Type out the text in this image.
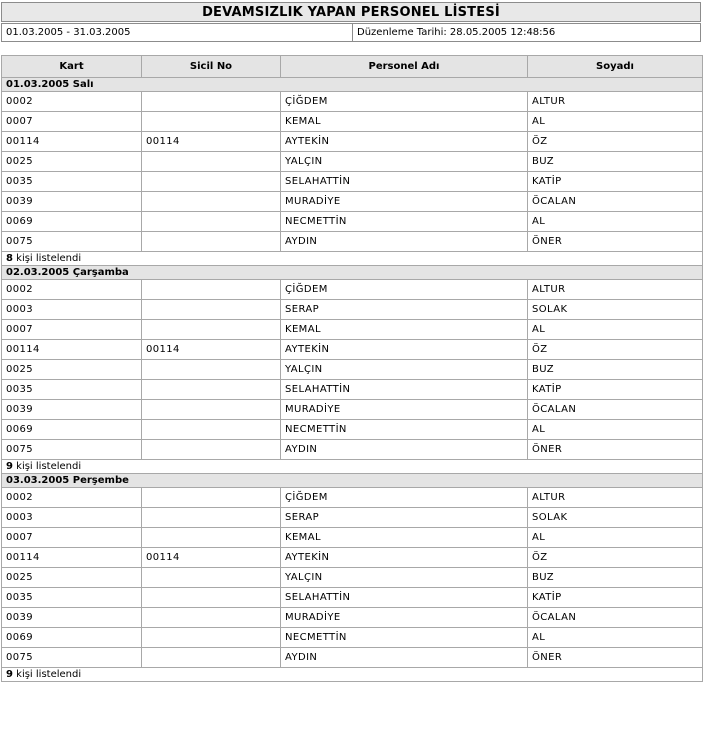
DEVAMSIZLIK YAPAN PERSONEL LİSTESİ
01.03.2005 - 31.03.2005	Düzenleme Tarihi: 28.05.2005 12:48:56
Kart	Sicil No	Personel Adı	Soyadı
01.03.2005 Salı			
0002		ÇİĞDEM	ALTUR
0007		KEMAL	AL
00114	00114	AYTEKİN	ÖZ
0025		YALÇIN	BUZ
0035		SELAHATTİN	KATİP
0039		MURADİYE	ÖCALAN
0069		NECMETTİN	AL
0075		AYDIN	ÖNER
8 kişi listelendi			
02.03.2005 Çarşamba			
0002		ÇİĞDEM	ALTUR
0003		SERAP	SOLAK
0007		KEMAL	AL
00114	00114	AYTEKİN	ÖZ
0025		YALÇIN	BUZ
0035		SELAHATTİN	KATİP
0039		MURADİYE	ÖCALAN
0069		NECMETTİN	AL
0075		AYDIN	ÖNER
9 kişi listelendi			
03.03.2005 Perşembe			
0002		ÇİĞDEM	ALTUR
0003		SERAP	SOLAK
0007		KEMAL	AL
00114	00114	AYTEKİN	ÖZ
0025		YALÇIN	BUZ
0035		SELAHATTİN	KATİP
0039		MURADİYE	ÖCALAN
0069		NECMETTİN	AL
0075		AYDIN	ÖNER
9 kişi listelendi			
